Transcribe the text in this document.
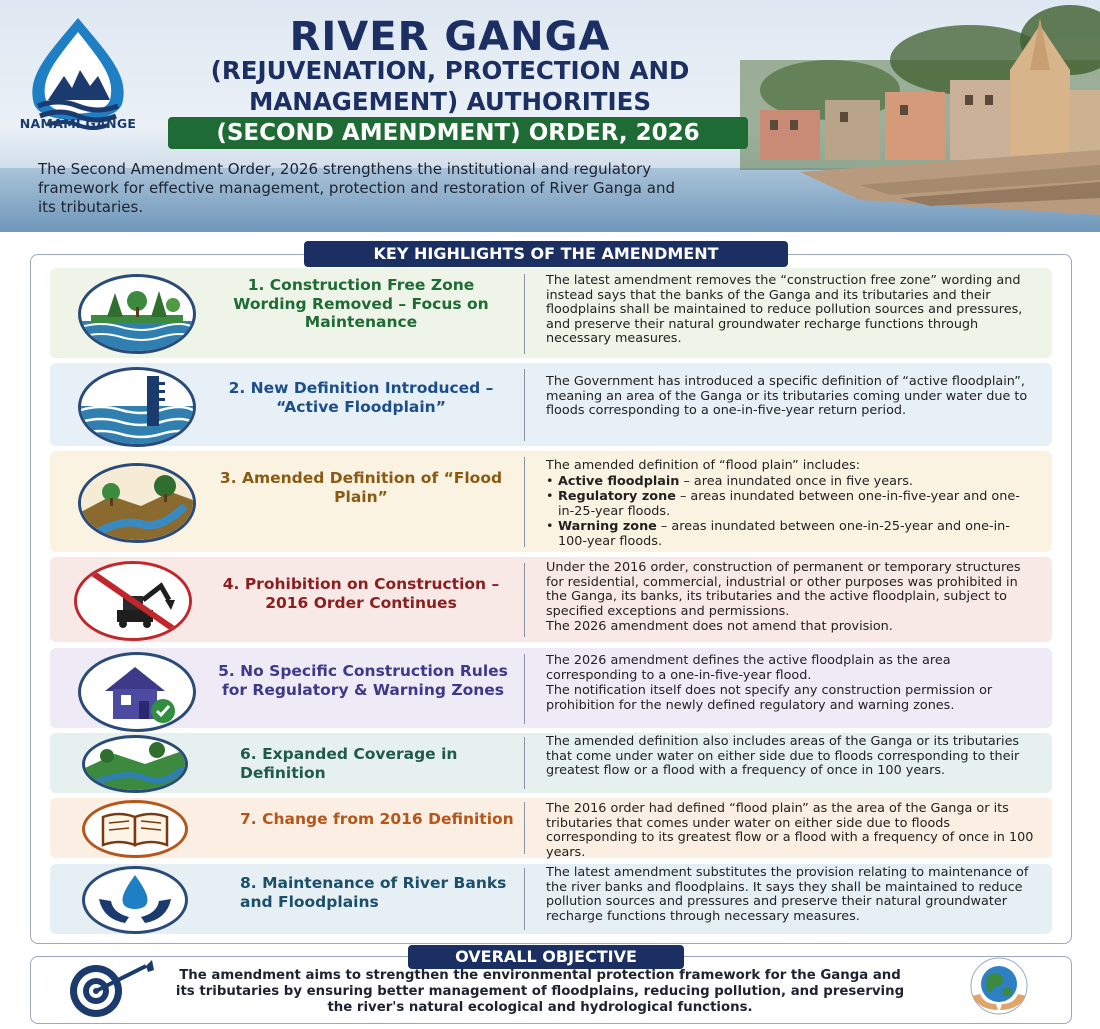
NAMAMI GANGE
RIVER GANGA
(REJUVENATION, PROTECTION AND
MANAGEMENT) AUTHORITIES
(SECOND AMENDMENT) ORDER, 2026
The Second Amendment Order, 2026 strengthens the institutional and regulatory framework for effective management, protection and restoration of River Ganga and its tributaries.
KEY HIGHLIGHTS OF THE AMENDMENT
1. Construction Free Zone Wording Removed – Focus on Maintenance

The latest amendment removes the “construction free zone” wording and instead says that the banks of the Ganga and its tributaries and their floodplains shall be maintained to reduce pollution sources and pressures, and preserve their natural groundwater recharge functions through necessary measures.

2. New Definition Introduced – “Active Floodplain”

The Government has introduced a specific definition of “active floodplain”, meaning an area of the Ganga or its tributaries coming under water due to floods corresponding to a one-in-five-year return period.

3. Amended Definition of “Flood Plain”

The amended definition of “flood plain” includes:

• Active floodplain – area inundated once in five years.
• Regulatory zone – areas inundated between one-in-five-year and one-in-25-year floods.
• Warning zone – areas inundated between one-in-25-year and one-in-100-year floods.
4. Prohibition on Construction – 2016 Order Continues

Under the 2016 order, construction of permanent or temporary structures for residential, commercial, industrial or other purposes was prohibited in the Ganga, its banks, its tributaries and the active floodplain, subject to specified exceptions and permissions.

The 2026 amendment does not amend that provision.

5. No Specific Construction Rules for Regulatory & Warning Zones

The 2026 amendment defines the active floodplain as the area corresponding to a one-in-five-year flood.

The notification itself does not specify any construction permission or prohibition for the newly defined regulatory and warning zones.

6. Expanded Coverage in Definition

The amended definition also includes areas of the Ganga or its tributaries that come under water on either side due to floods corresponding to their greatest flow or a flood with a frequency of once in 100 years.

7. Change from 2016 Definition

The 2016 order had defined “flood plain” as the area of the Ganga or its tributaries that comes under water on either side due to floods corresponding to its greatest flow or a flood with a frequency of once in 100 years.

8. Maintenance of River Banks and Floodplains

The latest amendment substitutes the provision relating to maintenance of the river banks and floodplains. It says they shall be maintained to reduce pollution sources and pressures and preserve their natural groundwater recharge functions through necessary measures.

OVERALL OBJECTIVE
The amendment aims to strengthen the environmental protection framework for the Ganga and its tributaries by ensuring better management of floodplains, reducing pollution, and preserving the river's natural ecological and hydrological functions.
